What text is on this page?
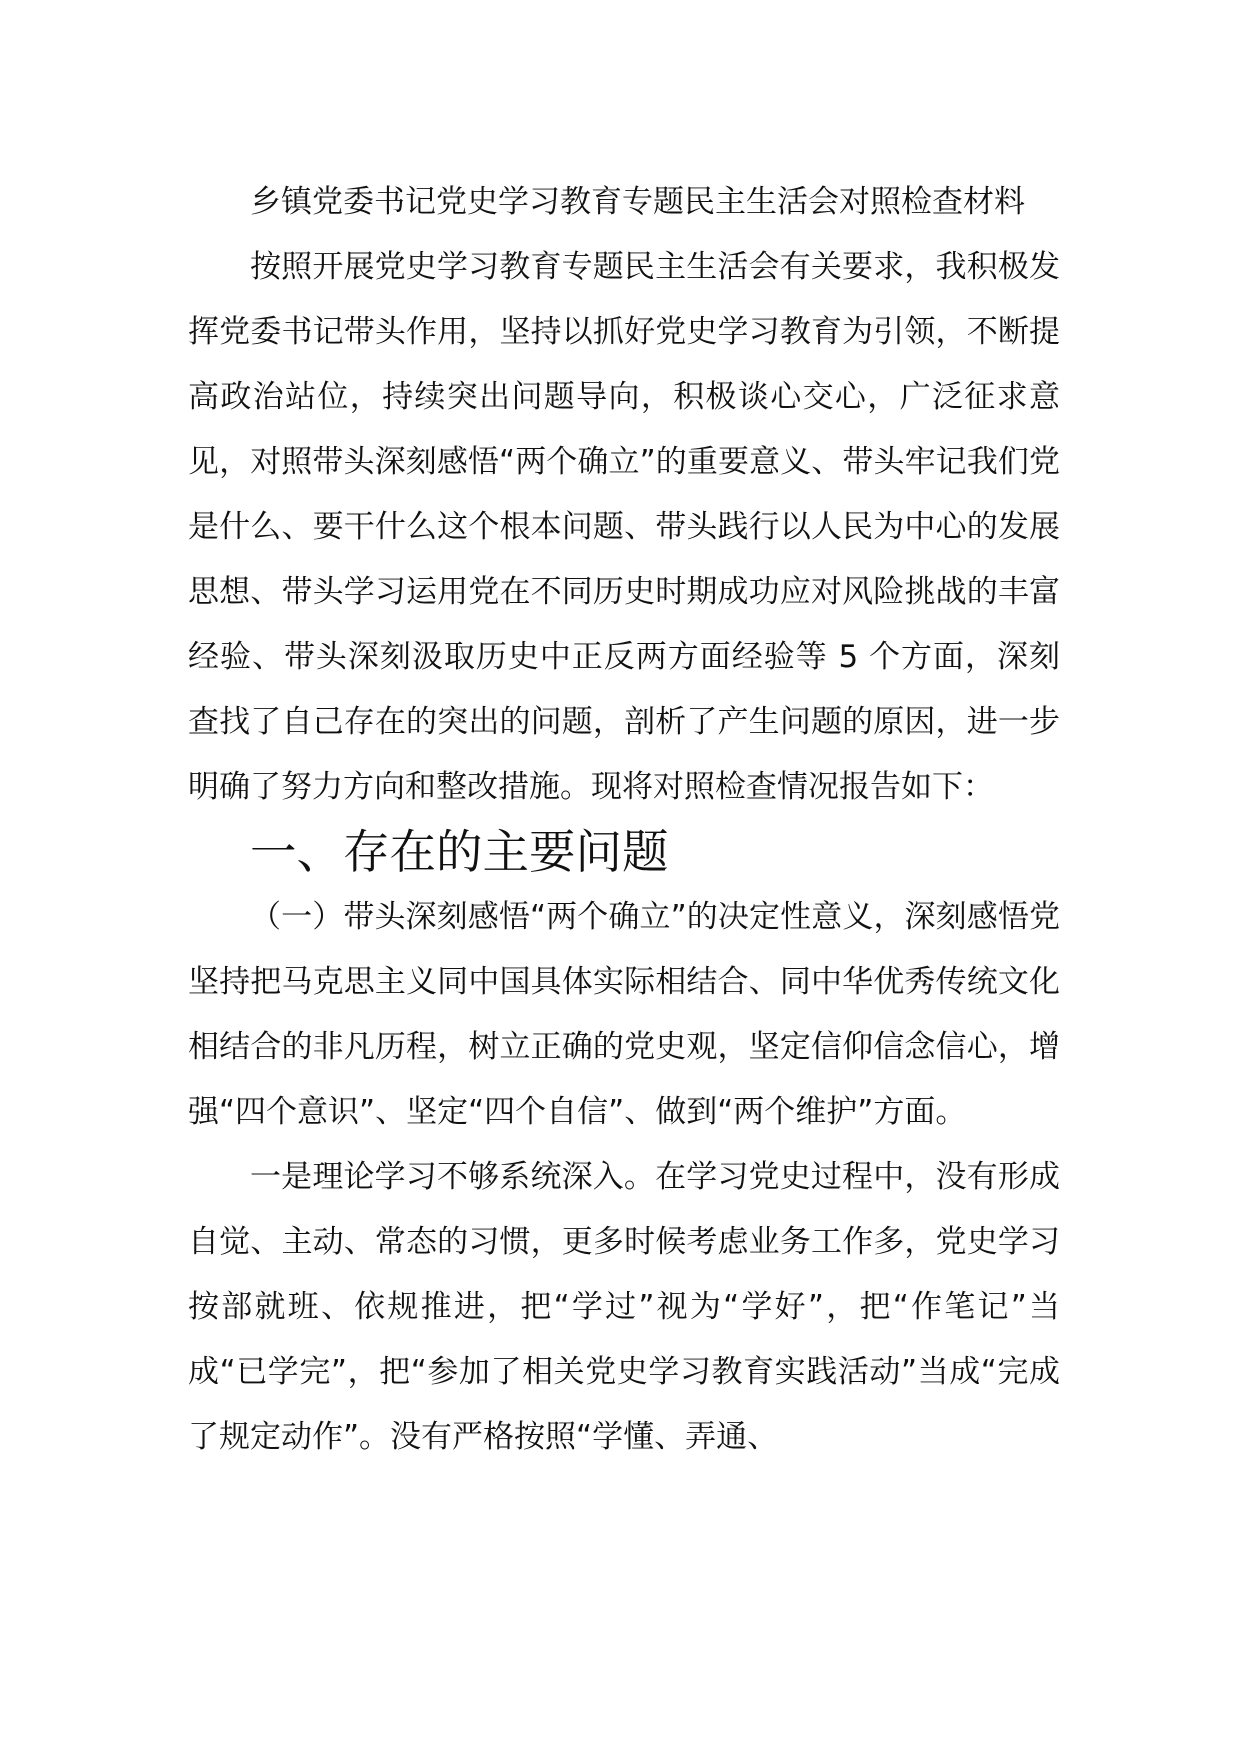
乡镇党委书记党史学习教育专题民主生活会对照检查材料

按照开展党史学习教育专题民主生活会有关要求，我积极发挥党委书记带头作用，坚持以抓好党史学习教育为引领，不断提高政治站位，持续突出问题导向，积极谈心交心，广泛征求意见，对照带头深刻感悟“两个确立”的重要意义、带头牢记我们党是什么、要干什么这个根本问题、带头践行以人民为中心的发展思想、带头学习运用党在不同历史时期成功应对风险挑战的丰富经验、带头深刻汲取历史中正反两方面经验等 5 个方面，深刻查找了自己存在的突出的问题，剖析了产生问题的原因，进一步明确了努力方向和整改措施。现将对照检查情况报告如下：

一、存在的主要问题

（一）带头深刻感悟“两个确立”的决定性意义，深刻感悟党坚持把马克思主义同中国具体实际相结合、同中华优秀传统文化相结合的非凡历程，树立正确的党史观，坚定信仰信念信心，增强“四个意识”、坚定“四个自信”、做到“两个维护”方面。

一是理论学习不够系统深入。在学习党史过程中，没有形成自觉、主动、常态的习惯，更多时候考虑业务工作多，党史学习按部就班、依规推进，把“学过”视为“学好”，把“作笔记”当成“已学完”，把“参加了相关党史学习教育实践活动”当成“完成了规定动作”。没有严格按照“学懂、弄通、
